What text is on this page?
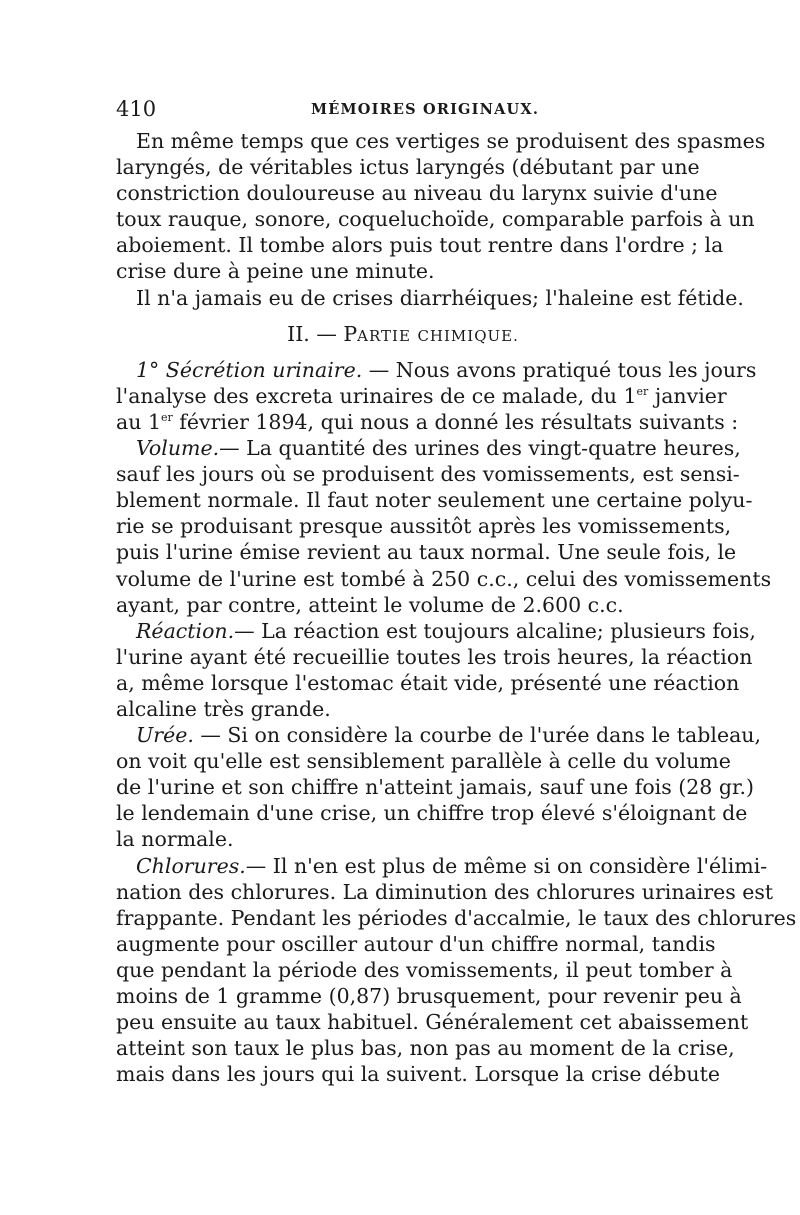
410	MÉMOIRES ORIGINAUX.
En même temps que ces vertiges se produisent des spasmes
laryngés, de véritables ictus laryngés (débutant par une
constriction douloureuse au niveau du larynx suivie d'une
toux rauque, sonore, coqueluchoïde, comparable parfois à un
aboiement. Il tombe alors puis tout rentre dans l'ordre ; la
crise dure à peine une minute.
Il n'a jamais eu de crises diarrhéiques; l'haleine est fétide.
II. — PARTIE CHIMIQUE.
1° Sécrétion urinaire. — Nous avons pratiqué tous les jours
l'analyse des excreta urinaires de ce malade, du 1er janvier
au 1er février 1894, qui nous a donné les résultats suivants :
Volume.— La quantité des urines des vingt-quatre heures,
sauf les jours où se produisent des vomissements, est sensi-
blement normale. Il faut noter seulement une certaine polyu-
rie se produisant presque aussitôt après les vomissements,
puis l'urine émise revient au taux normal. Une seule fois, le
volume de l'urine est tombé à 250 c.c., celui des vomissements
ayant, par contre, atteint le volume de 2.600 c.c.
Réaction.— La réaction est toujours alcaline; plusieurs fois,
l'urine ayant été recueillie toutes les trois heures, la réaction
a, même lorsque l'estomac était vide, présenté une réaction
alcaline très grande.
Urée. — Si on considère la courbe de l'urée dans le tableau,
on voit qu'elle est sensiblement parallèle à celle du volume
de l'urine et son chiffre n'atteint jamais, sauf une fois (28 gr.)
le lendemain d'une crise, un chiffre trop élevé s'éloignant de
la normale.
Chlorures.— Il n'en est plus de même si on considère l'élimi-
nation des chlorures. La diminution des chlorures urinaires est
frappante. Pendant les périodes d'accalmie, le taux des chlorures
augmente pour osciller autour d'un chiffre normal, tandis
que pendant la période des vomissements, il peut tomber à
moins de 1 gramme (0,87) brusquement, pour revenir peu à
peu ensuite au taux habituel. Généralement cet abaissement
atteint son taux le plus bas, non pas au moment de la crise,
mais dans les jours qui la suivent. Lorsque la crise débute
